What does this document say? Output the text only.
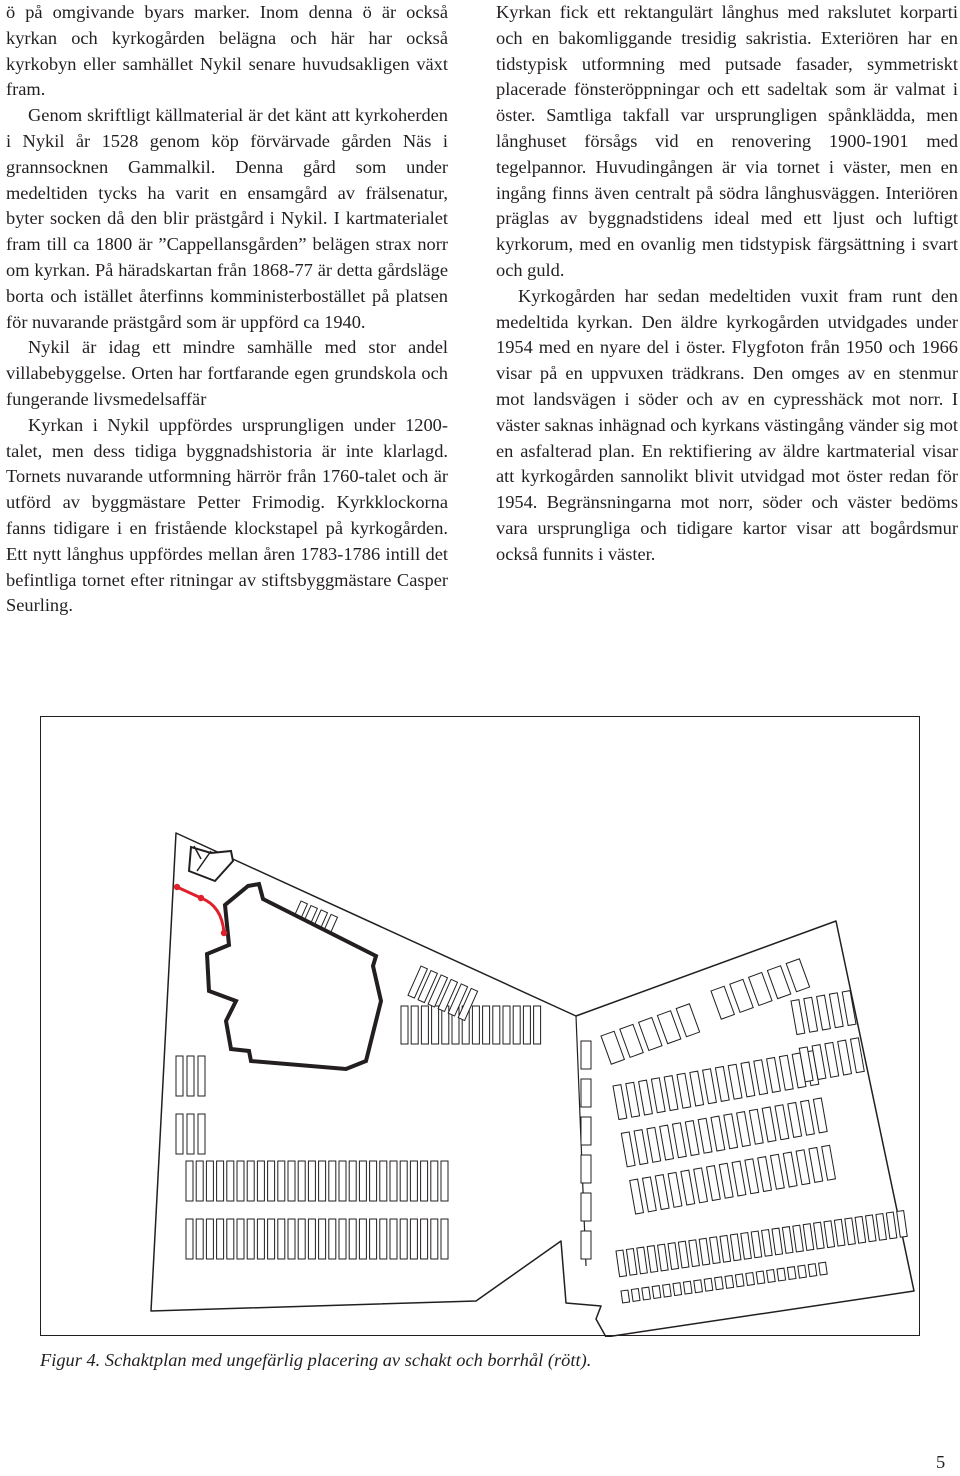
ö på omgivande byars marker. Inom denna ö är också kyrkan och kyrkogården belägna och här har också kyrkobyn eller samhället Nykil senare huvudsakligen växt fram.

Genom skriftligt källmaterial är det känt att kyrkoherden i Nykil år 1528 genom köp förvärvade gården Näs i grannsocknen Gammalkil. Denna gård som under medeltiden tycks ha varit en ensamgård av frälsenatur, byter socken då den blir prästgård i Nykil. I kartmaterialet fram till ca 1800 är ”Cappellansgården” belägen strax norr om kyrkan. På häradskartan från 1868-77 är detta gårdsläge borta och istället återfinns komministerbostället på platsen för nuvarande prästgård som är uppförd ca 1940.

Nykil är idag ett mindre samhälle med stor andel villabebyggelse. Orten har fortfarande egen grundskola och fungerande livsmedelsaffär

Kyrkan i Nykil uppfördes ursprungligen under 1200-talet, men dess tidiga byggnadshistoria är inte klarlagd. Tornets nuvarande utformning härrör från 1760-talet och är utförd av byggmästare Petter Frimodig. Kyrkklockorna fanns tidigare i en fristående klockstapel på kyrkogården. Ett nytt långhus uppfördes mellan åren 1783-1786 intill det befintliga tornet efter ritningar av stiftsbyggmästare Casper Seurling.

Kyrkan fick ett rektangulärt långhus med rakslutet korparti och en bakomliggande tresidig sakristia. Exteriören har en tidstypisk utformning med putsade fasader, symmetriskt placerade fönsteröppningar och ett sadeltak som är valmat i öster. Samtliga takfall var ursprungligen spånklädda, men långhuset försågs vid en renovering 1900-1901 med tegelpannor. Huvudingången är via tornet i väster, men en ingång finns även centralt på södra långhusväggen. Interiören präglas av byggnadstidens ideal med ett ljust och luftigt kyrkorum, med en ovanlig men tidstypisk färgsättning i svart och guld.

Kyrkogården har sedan medeltiden vuxit fram runt den medeltida kyrkan. Den äldre kyrkogården utvidgades under 1954 med en nyare del i öster. Flygfoton från 1950 och 1966 visar på en uppvuxen trädkrans. Den omges av en stenmur mot landsvägen i söder och av en cypresshäck mot norr. I väster saknas inhägnad och kyrkans västingång vänder sig mot en asfalterad plan. En rektifiering av äldre kartmaterial visar att kyrkogården sannolikt blivit utvidgad mot öster redan för 1954. Begränsningarna mot norr, söder och väster bedöms vara ursprungliga och tidigare kartor visar att bogårdsmur också funnits i väster.

Figur 4. Schaktplan med ungefärlig placering av schakt och borrhål (rött).
5
